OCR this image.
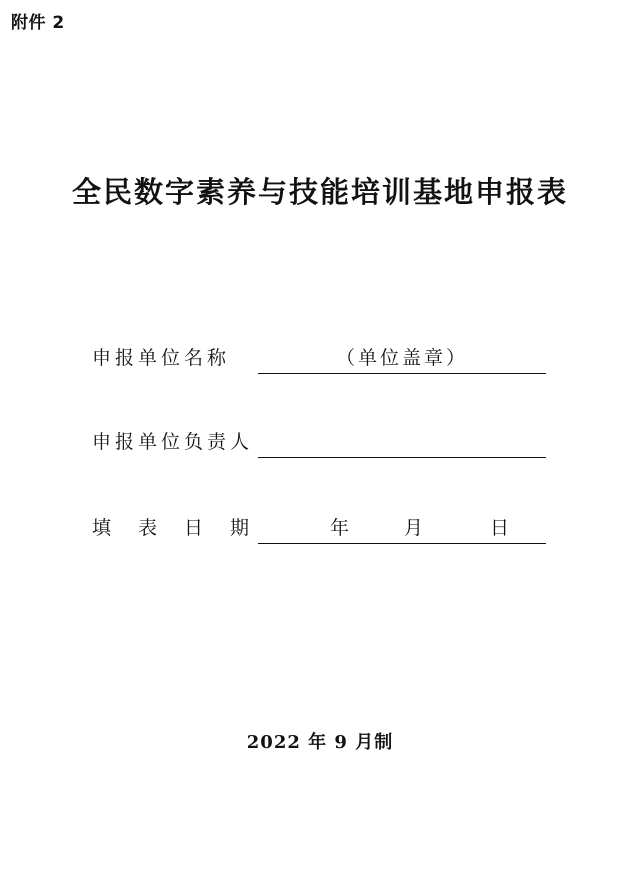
附件 2
全民数字素养与技能培训基地申报表
申报单位名称	（单位盖章）
申报单位负责人
填表日期	年	月	日
2022 年 9 月制
